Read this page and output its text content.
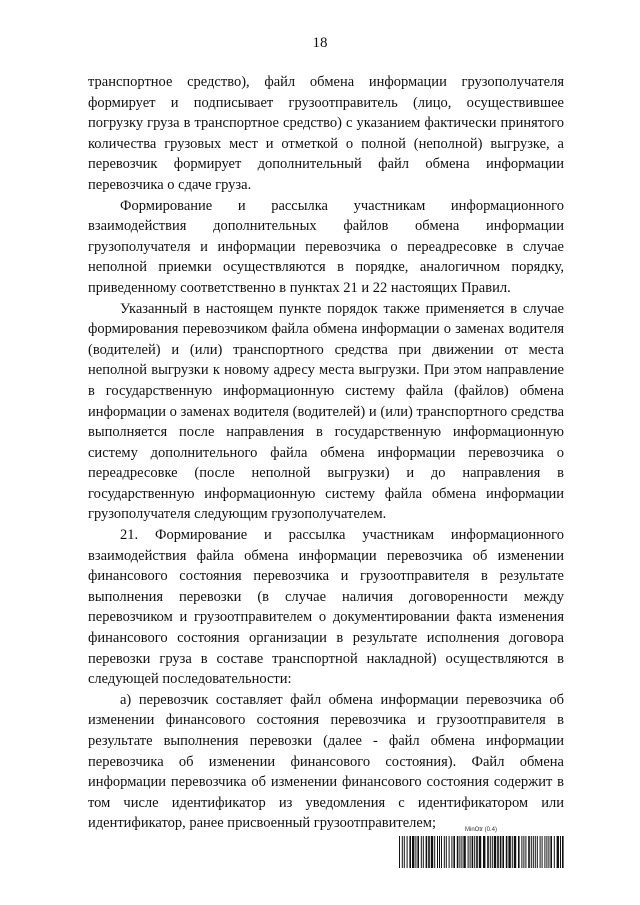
18

транспортное средство), файл обмена информации грузополучателя формирует и подписывает грузоотправитель (лицо, осуществившее погрузку груза в транспортное средство) с указанием фактически принятого количества грузовых мест и отметкой о полной (неполной) выгрузке, а перевозчик формирует дополнительный файл обмена информации перевозчика о сдаче груза.

Формирование и рассылка участникам информационного взаимодействия дополнительных файлов обмена информации грузополучателя и информации перевозчика о переадресовке в случае неполной приемки осуществляются в порядке, аналогичном порядку, приведенному соответственно в пунктах 21 и 22 настоящих Правил.

Указанный в настоящем пункте порядок также применяется в случае формирования перевозчиком файла обмена информации о заменах водителя (водителей) и (или) транспортного средства при движении от места неполной выгрузки к новому адресу места выгрузки. При этом направление в государственную информационную систему файла (файлов) обмена информации о заменах водителя (водителей) и (или) транспортного средства выполняется после направления в государственную информационную систему дополнительного файла обмена информации перевозчика о переадресовке (после неполной выгрузки) и до направления в государственную информационную систему файла обмена информации грузополучателя следующим грузополучателем.

21. Формирование и рассылка участникам информационного взаимодействия файла обмена информации перевозчика об изменении финансового состояния перевозчика и грузоотправителя в результате выполнения перевозки (в случае наличия договоренности между перевозчиком и грузоотправителем о документировании факта изменения финансового состояния организации в результате исполнения договора перевозки груза в составе транспортной накладной) осуществляются в следующей последовательности:

а) перевозчик составляет файл обмена информации перевозчика об изменении финансового состояния перевозчика и грузоотправителя в результате выполнения перевозки (далее - файл обмена информации перевозчика об изменении финансового состояния). Файл обмена информации перевозчика об изменении финансового состояния содержит в том числе идентификатор из уведомления с идентификатором или идентификатор, ранее присвоенный грузоотправителем;	MinOtr (0.4)
